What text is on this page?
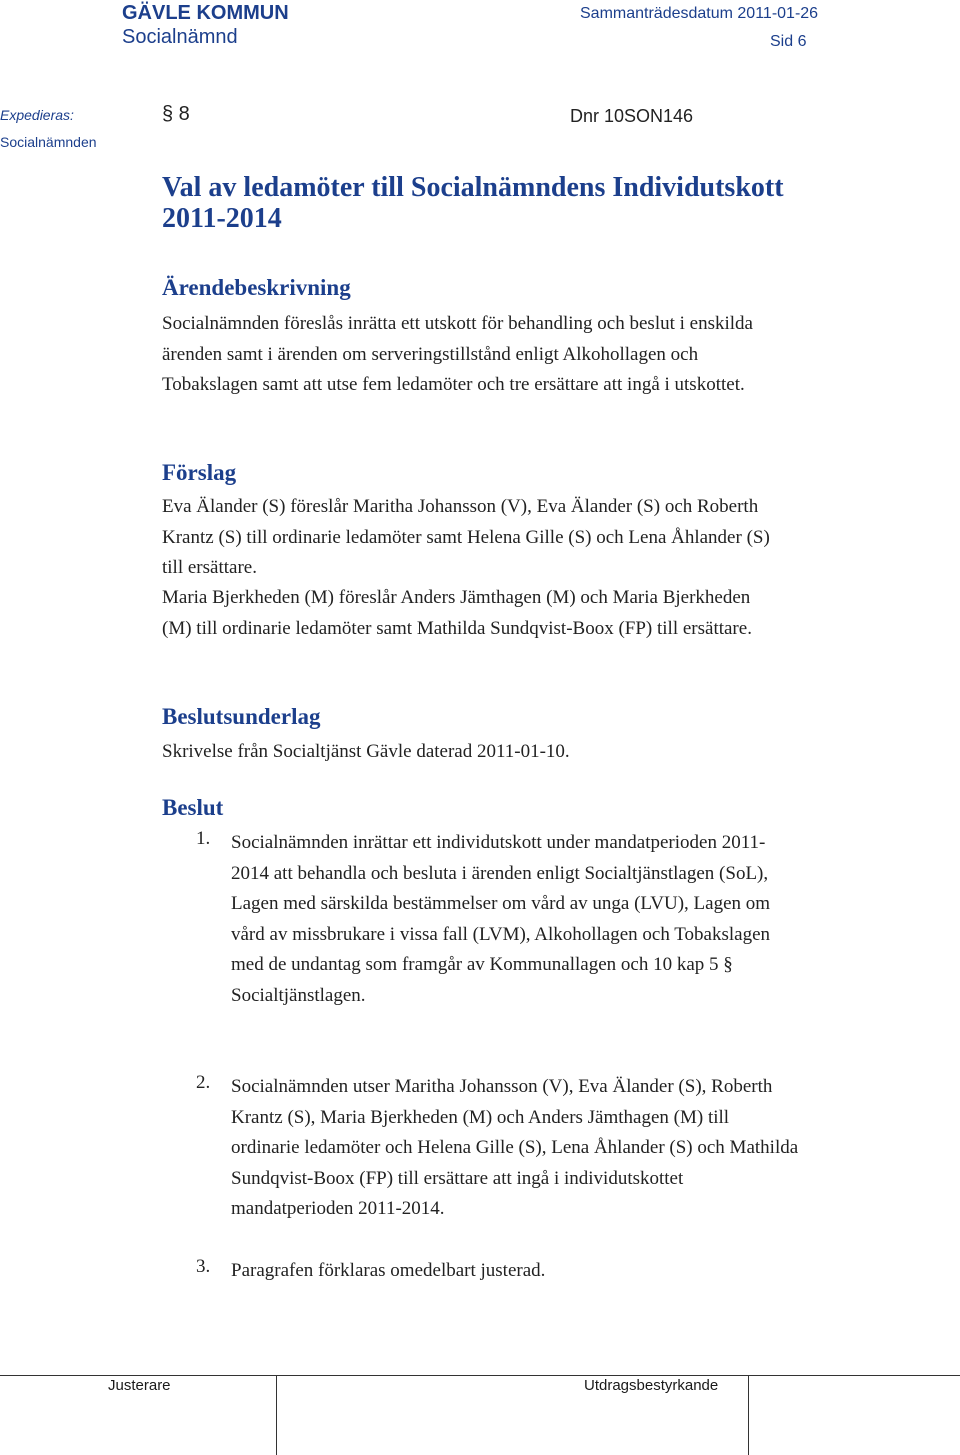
GÄVLE KOMMUN
Socialnämnd
Sammanträdesdatum 2011-01-26
Sid 6
Expedieras:
Socialnämnden
§ 8	Dnr 10SON146
Val av ledamöter till Socialnämndens Individutskott 2011-2014
Ärendebeskrivning
Socialnämnden föreslås inrätta ett utskott för behandling och beslut i enskilda ärenden samt i ärenden om serveringstillstånd enligt Alkohollagen och Tobakslagen samt att utse fem ledamöter och tre ersättare att ingå i utskottet.
Förslag
Eva Älander (S) föreslår Maritha Johansson (V), Eva Älander (S) och Roberth Krantz (S) till ordinarie ledamöter samt Helena Gille (S) och Lena Åhlander (S) till ersättare.
Maria Bjerkheden (M) föreslår Anders Jämthagen (M) och Maria Bjerkheden (M) till ordinarie ledamöter samt Mathilda Sundqvist-Boox (FP) till ersättare.
Beslutsunderlag
Skrivelse från Socialtjänst Gävle daterad 2011-01-10.
Beslut
1. Socialnämnden inrättar ett individutskott under mandatperioden 2011-2014 att behandla och besluta i ärenden enligt Socialtjänstlagen (SoL), Lagen med särskilda bestämmelser om vård av unga (LVU), Lagen om vård av missbrukare i vissa fall (LVM), Alkohollagen och Tobakslagen med de undantag som framgår av Kommunallagen och 10 kap 5 § Socialtjänstlagen.
2. Socialnämnden utser Maritha Johansson (V), Eva Älander (S), Roberth Krantz (S), Maria Bjerkheden (M) och Anders Jämthagen (M) till ordinarie ledamöter och Helena Gille (S), Lena Åhlander (S) och Mathilda Sundqvist-Boox (FP) till ersättare att ingå i individutskottet mandatperioden 2011-2014.
3. Paragrafen förklaras omedelbart justerad.
Justerare	Utdragsbestyrkande
